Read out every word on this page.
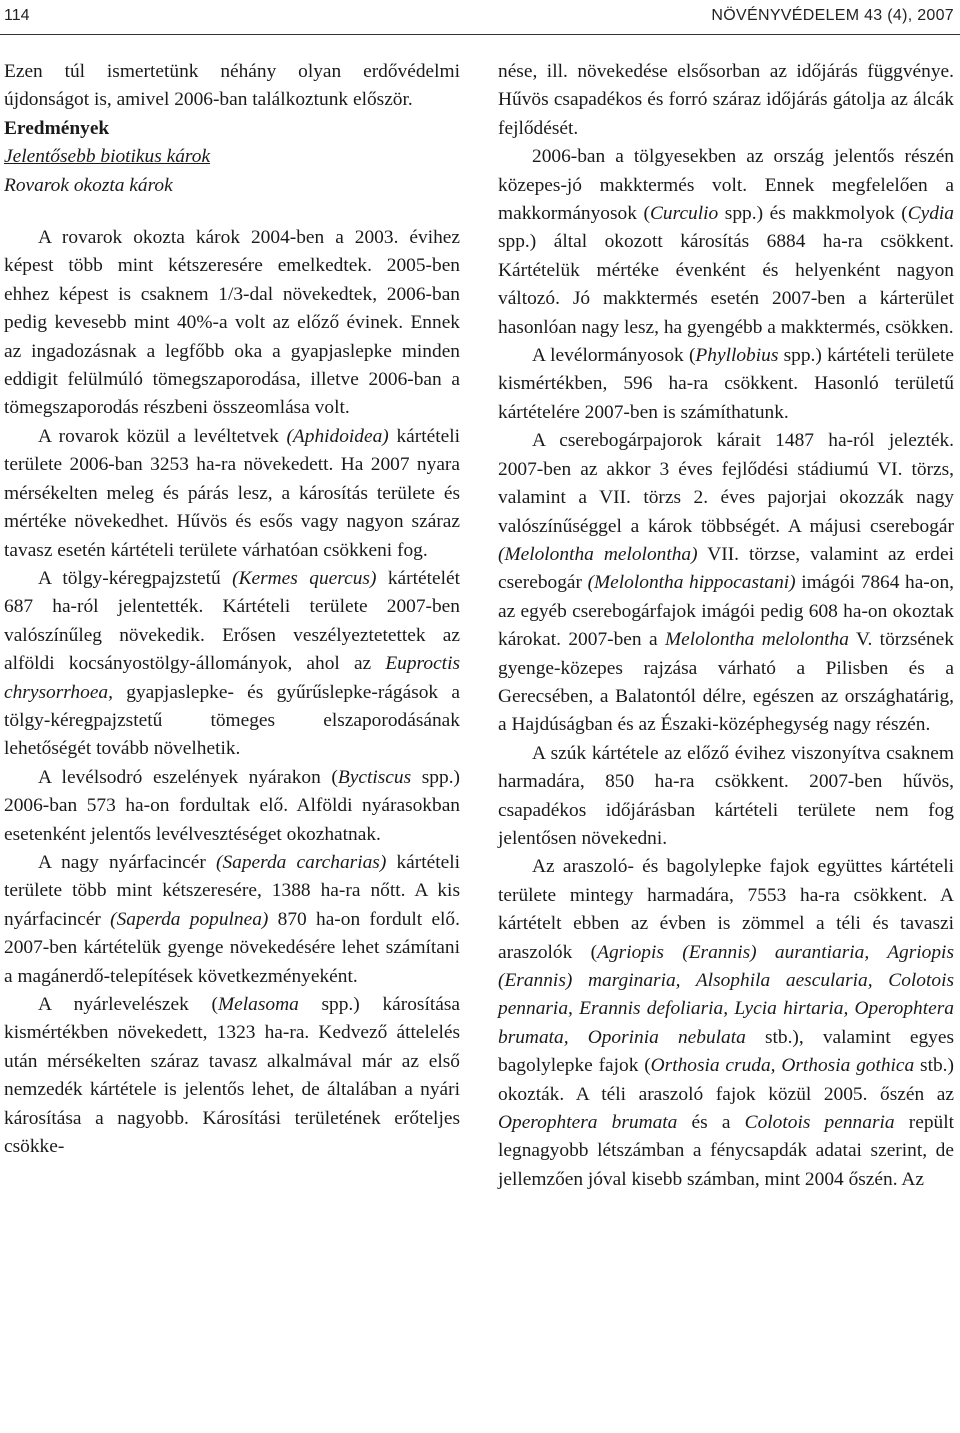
114	NÖVÉNYVÉDELEM 43 (4), 2007

Ezen túl ismertetünk néhány olyan erdővédelmi újdonságot is, amivel 2006-ban találkoztunk először.

Eredmények

Jelentősebb biotikus károk

Rovarok okozta károk

A rovarok okozta károk 2004-ben a 2003. évihez képest több mint kétszeresére emelkedtek. 2005-ben ehhez képest is csaknem 1/3-dal növekedtek, 2006-ban pedig kevesebb mint 40%-a volt az előző évinek. Ennek az ingadozásnak a legfőbb oka a gyapjaslepke minden eddigit felülmúló tömegszaporodása, illetve 2006-ban a tömegszaporodás részbeni összeomlása volt.

A rovarok közül a levéltetvek (Aphidoidea) kártételi területe 2006-ban 3253 ha-ra növekedett. Ha 2007 nyara mérsékelten meleg és párás lesz, a károsítás területe és mértéke növekedhet. Hűvös és esős vagy nagyon száraz tavasz esetén kártételi területe várhatóan csökkeni fog.

A tölgy-kéregpajzstetű (Kermes quercus) kártételét 687 ha-ról jelentették. Kártételi területe 2007-ben valószínűleg növekedik. Erősen veszélyeztetettek az alföldi kocsányostölgy-állományok, ahol az Euproctis chrysorrhoea, gyapjaslepke- és gyűrűslepke-rágások a tölgy-kéregpajzstetű tömeges elszaporodásának lehetőségét tovább növelhetik.

A levélsodró eszelények nyárakon (Byctiscus spp.) 2006-ban 573 ha-on fordultak elő. Alföldi nyárasokban esetenként jelentős levélvesztéséget okozhatnak.

A nagy nyárfacincér (Saperda carcharias) kártételi területe több mint kétszeresére, 1388 ha-ra nőtt. A kis nyárfacincér (Saperda populnea) 870 ha-on fordult elő. 2007-ben kártételük gyenge növekedésére lehet számítani a magánerdő-telepítések következményeként.

A nyárlevelészek (Melasoma spp.) károsítása kismértékben növekedett, 1323 ha-ra. Kedvező áttelelés után mérsékelten száraz tavasz alkalmával már az első nemzedék kártétele is jelentős lehet, de általában a nyári károsítása a nagyobb. Károsítási területének erőteljes csökke-

nése, ill. növekedése elsősorban az időjárás függvénye. Hűvös csapadékos és forró száraz időjárás gátolja az álcák fejlődését.

2006-ban a tölgyesekben az ország jelentős részén közepes-jó makktermés volt. Ennek megfelelően a makkormányosok (Curculio spp.) és makkmolyok (Cydia spp.) által okozott károsítás 6884 ha-ra csökkent. Kártételük mértéke évenként és helyenként nagyon változó. Jó makktermés esetén 2007-ben a kárterület hasonlóan nagy lesz, ha gyengébb a makktermés, csökken.

A levélormányosok (Phyllobius spp.) kártételi területe kismértékben, 596 ha-ra csökkent. Hasonló területű kártételére 2007-ben is számíthatunk.

A cserebogárpajorok kárait 1487 ha-ról jelezték. 2007-ben az akkor 3 éves fejlődési stádiumú VI. törzs, valamint a VII. törzs 2. éves pajorjai okozzák nagy valószínűséggel a károk többségét. A májusi cserebogár (Melolontha melolontha) VII. törzse, valamint az erdei cserebogár (Melolontha hippocastani) imágói 7864 ha-on, az egyéb cserebogárfajok imágói pedig 608 ha-on okoztak károkat. 2007-ben a Melolontha melolontha V. törzsének gyenge-közepes rajzása várható a Pilisben és a Gerecsében, a Balatontól délre, egészen az országhatárig, a Hajdúságban és az Északi-középhegység nagy részén.

A szúk kártétele az előző évihez viszonyítva csaknem harmadára, 850 ha-ra csökkent. 2007-ben hűvös, csapadékos időjárásban kártételi területe nem fog jelentősen növekedni.

Az araszoló- és bagolylepke fajok együttes kártételi területe mintegy harmadára, 7553 ha-ra csökkent. A kártételt ebben az évben is zömmel a téli és tavaszi araszolók (Agriopis (Erannis) aurantiaria, Agriopis (Erannis) marginaria, Alsophila aescularia, Colotois pennaria, Erannis defoliaria, Lycia hirtaria, Operophtera brumata, Oporinia nebulata stb.), valamint egyes bagolylepke fajok (Orthosia cruda, Orthosia gothica stb.) okozták. A téli araszoló fajok közül 2005. őszén az Operophtera brumata és a Colotois pennaria repült legnagyobb létszámban a fénycsapdák adatai szerint, de jellemzően jóval kisebb számban, mint 2004 őszén. Az
